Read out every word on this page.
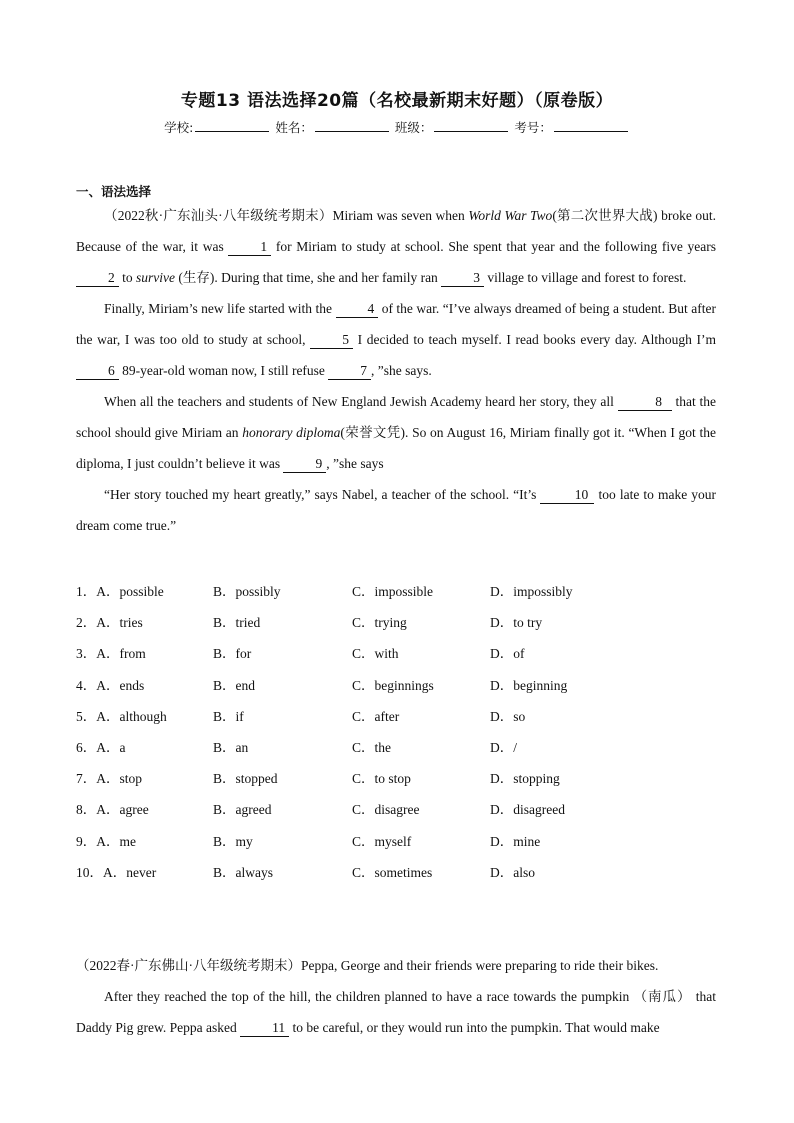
专题13 语法选择20篇（名校最新期末好题）（原卷版）
学校:	姓名：	班级：	考号：
一、语法选择

（2022秋·广东汕头·八年级统考期末）Miriam was seven when World War Two(第二次世界大战) broke out. Because of the war, it was 1 for Miriam to study at school. She spent that year and the following five years 2 to survive (生存). During that time, she and her family ran 3 village to village and forest to forest.

Finally, Miriam’s new life started with the 4 of the war. “I’ve always dreamed of being a student. But after the war, I was too old to study at school, 5 I decided to teach myself. I read books every day. Although I’m 6 89-year-old woman now, I still refuse 7 , ”she says.

When all the teachers and students of New England Jewish Academy heard her story, they all	8 that the school should give Miriam an honorary diploma(荣誉文凭). So on August 16, Miriam finally got it. “When I got the diploma, I just couldn’t believe it was 9 , ”she says

“Her story touched my heart greatly,” says Nabel, a teacher of the school. “It’s	10 too late to make your dream come true.”

1．A．possible	B．possibly	C．impossible	D．impossibly
2．A．tries	B．tried	C．trying	D．to try
3．A．from	B．for	C．with	D．of
4．A．ends	B．end	C．beginnings	D．beginning
5．A．although	B．if	C．after	D．so
6．A．a	B．an	C．the	D．/
7．A．stop	B．stopped	C．to stop	D．stopping
8．A．agree	B．agreed	C．disagree	D．disagreed
9．A．me	B．my	C．myself	D．mine
10．A．never	B．always	C．sometimes	D．also

（2022春·广东佛山·八年级统考期末）Peppa, George and their friends were preparing to ride their bikes.

After they reached the top of the hill, the children planned to have a race towards the pumpkin （南瓜） that Daddy Pig grew. Peppa asked 11 to be careful, or they would run into the pumpkin. That would make
